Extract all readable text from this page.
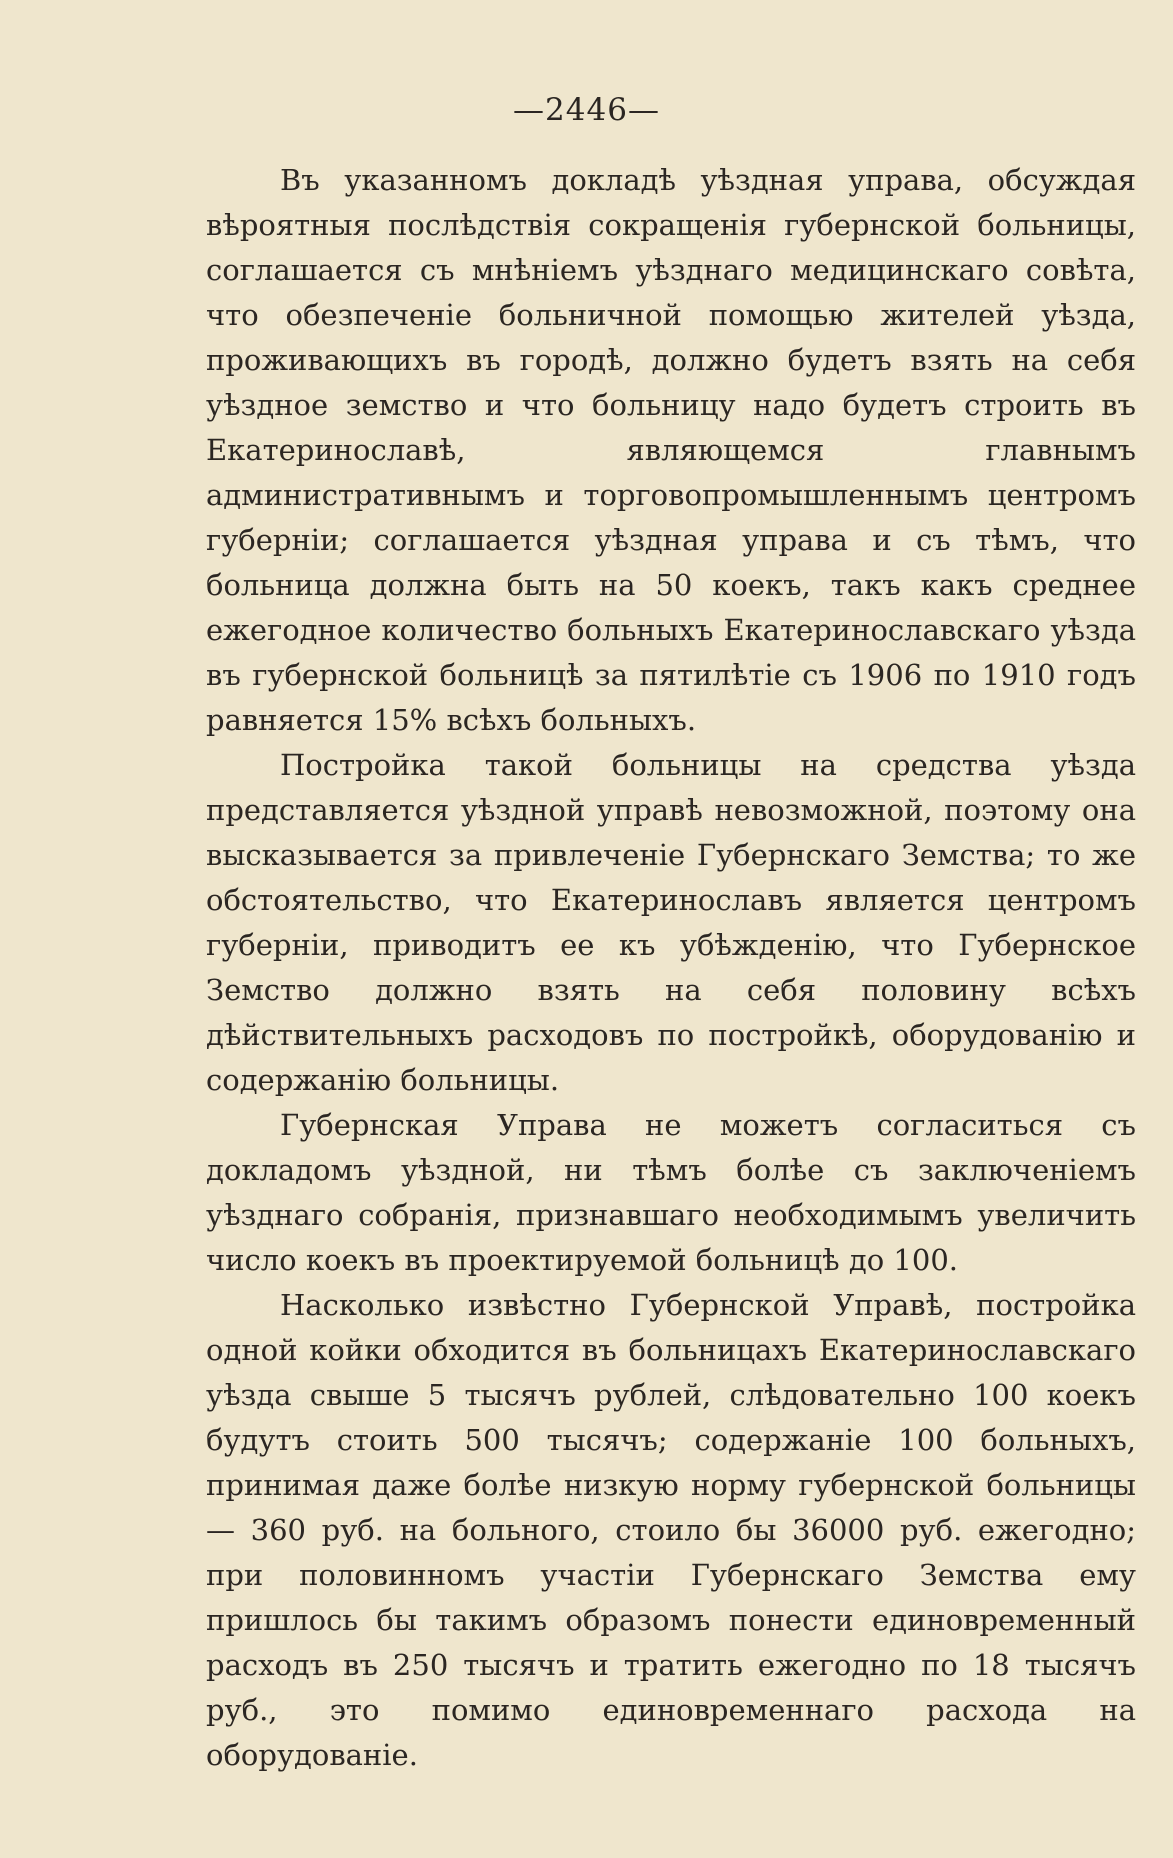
—2446—

Въ указанномъ докладѣ уѣздная управа, обсуждая вѣроятныя послѣдствія сокращенія губернской больницы, соглашается съ мнѣніемъ уѣзднаго медицинскаго совѣта, что обезпеченіе больничной помощью жителей уѣзда, проживающихъ въ городѣ, должно будетъ взять на себя уѣздное земство и что больницу надо будетъ строить въ Екатеринославѣ, являющемся главнымъ административнымъ и торговопромышленнымъ центромъ губерніи; соглашается уѣздная управа и съ тѣмъ, что больница должна быть на 50 коекъ, такъ какъ среднее ежегодное количество больныхъ Екатеринославскаго уѣзда въ губернской больницѣ за пятилѣтіе съ 1906 по 1910 годъ равняется 15% всѣхъ больныхъ.

Постройка такой больницы на средства уѣзда представляется уѣздной управѣ невозможной, поэтому она высказывается за привлеченіе Губернскаго Земства; то же обстоятельство, что Екатеринославъ является центромъ губерніи, приводитъ ее къ убѣжденію, что Губернское Земство должно взять на себя половину всѣхъ дѣйствительныхъ расходовъ по постройкѣ, оборудованію и содержанію больницы.

Губернская Управа не можетъ согласиться съ докладомъ уѣздной, ни тѣмъ болѣе съ заключеніемъ уѣзднаго собранія, признавшаго необходимымъ увеличить число коекъ въ проектируемой больницѣ до 100.

Насколько извѣстно Губернской Управѣ, постройка одной койки обходится въ больницахъ Екатеринославскаго уѣзда свыше 5 тысячъ рублей, слѣдовательно 100 коекъ будутъ стоить 500 тысячъ; содержаніе 100 больныхъ, принимая даже болѣе низкую норму губернской больницы — 360 руб. на больного, стоило бы 36000 руб. ежегодно; при половинномъ участіи Губернскаго Земства ему пришлось бы такимъ образомъ понести единовременный расходъ въ 250 тысячъ и тратить ежегодно по 18 тысячъ руб., это помимо единовременнаго расхода на оборудованіе.
